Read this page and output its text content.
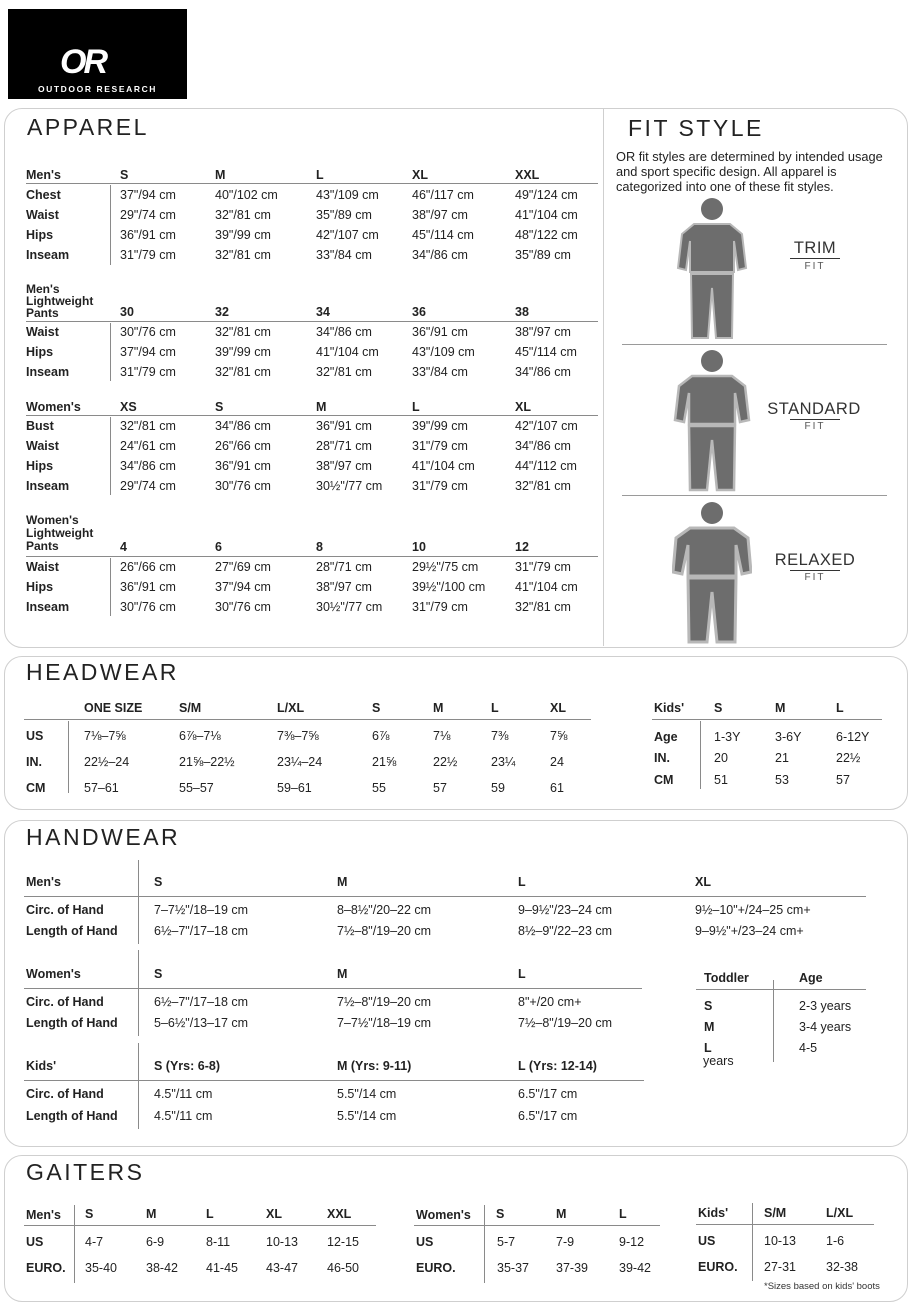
OR
OUTDOOR RESEARCH
APPAREL	FIT STYLE
HEADWEAR
HANDWEAR
GAITERS
OR fit styles are determined by intended usage
and sport specific design. All apparel is
categorized into one of these fit styles.
TRIM
FIT
STANDARD
FIT
RELAXED
FIT
Men's	S	M	L	XL	XXL
Chest	37"/94 cm	40"/102 cm	43"/109 cm	46"/117 cm	49"/124 cm
Waist	29"/74 cm	32"/81 cm	35"/89 cm	38"/97 cm	41"/104 cm
Hips	36"/91 cm	39"/99 cm	42"/107 cm	45"/114 cm	48"/122 cm
Inseam	31"/79 cm	32"/81 cm	33"/84 cm	34"/86 cm	35"/89 cm
Men's
Lightweight
Pants	30	32	34	36	38
Waist	30"/76 cm	32"/81 cm	34"/86 cm	36"/91 cm	38"/97 cm
Hips	37"/94 cm	39"/99 cm	41"/104 cm	43"/109 cm	45"/114 cm
Inseam	31"/79 cm	32"/81 cm	32"/81 cm	33"/84 cm	34"/86 cm
Women's	XS	S	M	L	XL
Bust	32"/81 cm	34"/86 cm	36"/91 cm	39"/99 cm	42"/107 cm
Waist	24"/61 cm	26"/66 cm	28"/71 cm	31"/79 cm	34"/86 cm
Hips	34"/86 cm	36"/91 cm	38"/97 cm	41"/104 cm	44"/112 cm
Inseam	29"/74 cm	30"/76 cm	30½"/77 cm 31"/79 cm	32"/81 cm
Women's
Lightweight
Pants	4	6	8	10	12
Waist	26"/66 cm	27"/69 cm	28"/71 cm	29½"/75 cm	31"/79 cm
Hips	36"/91 cm	37"/94 cm	38"/97 cm	39½"/100 cm 41"/104 cm
Inseam	30"/76 cm	30"/76 cm	30½"/77 cm 31"/79 cm	32"/81 cm
ONE SIZE	S/M	L/XL	S	M	L	XL
US	7⅛–7⅝	6⅞–7⅛	7⅜–7⅝	6⅞	7⅛	7⅜	7⅝
IN.	22½–24	21⅝–22½	23¼–24	21⅝	22½	23¼	24
CM	57–61	55–57	59–61	55	57	59	61
Kids' S	M	L
Age	1-3Y	3-6Y	6-12Y
IN.	20	21	22½
CM	51	53	57
Men's	S	M	L	XL
Circ. of Hand	7–7½"/18–19 cm	8–8½"/20–22 cm	9–9½"/23–24 cm	9½–10"+/24–25 cm+
Length of Hand	6½–7"/17–18 cm	7½–8"/19–20 cm	8½–9"/22–23 cm	9–9½"+/23–24 cm+
Women's	S	M	L
Circ. of Hand	6½–7"/17–18 cm	7½–8"/19–20 cm	8"+/20 cm+
Length of Hand	5–6½"/13–17 cm	7–7½"/18–19 cm	7½–8"/19–20 cm
Kids'	S (Yrs: 6-8)	M (Yrs: 9-11)	L (Yrs: 12-14)
Circ. of Hand	4.5"/11 cm	5.5"/14 cm	6.5"/17 cm
Length of Hand	4.5"/11 cm	5.5"/14 cm	6.5"/17 cm
Toddler	Age
S	2-3 years
M	3-4 years
L	4-5
years
Men's S	M	L	XL	XXL
US	4-7	6-9	8-11	10-13 12-15
EURO. 35-40 38-42 41-45 43-47 46-50
Women's S	M	L
US	5-7	7-9	9-12
EURO.	35-37 37-39 39-42
Kids'	S/M	L/XL
US	10-13 1-6
EURO. 27-31 32-38
*Sizes based on kids' boots
